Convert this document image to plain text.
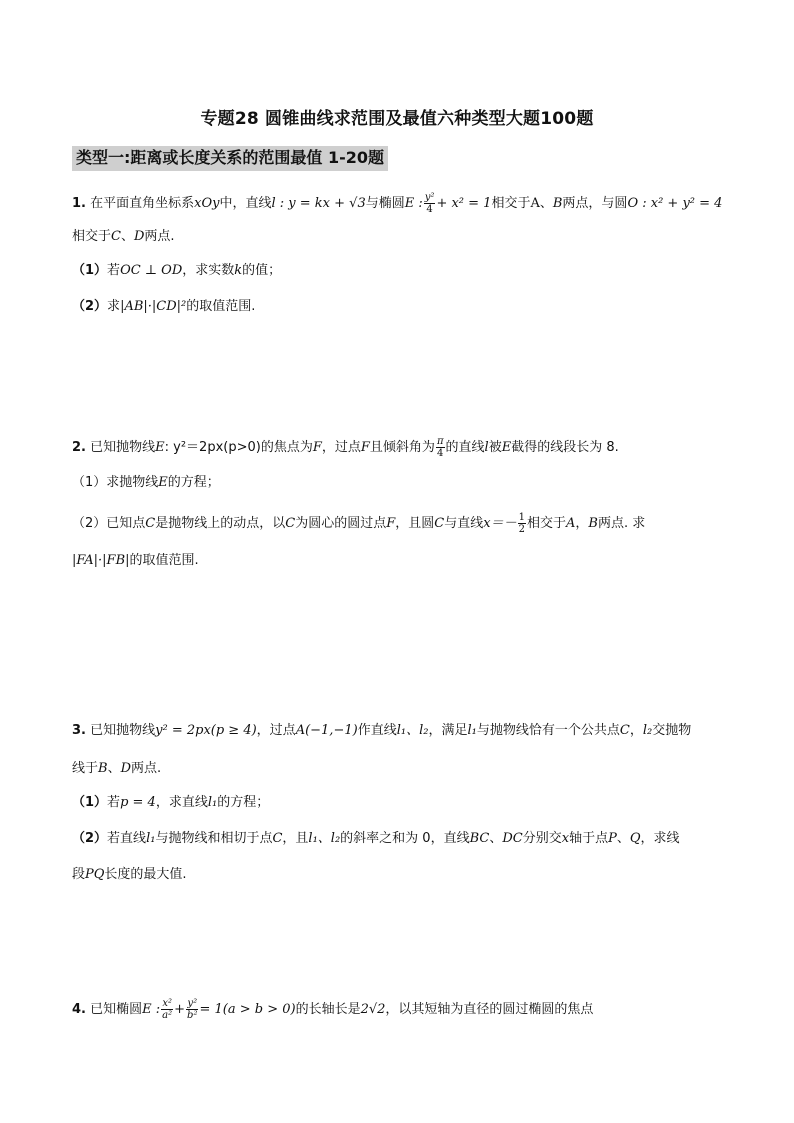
专题28 圆锥曲线求范围及最值六种类型大题100题
类型一:距离或长度关系的范围最值 1-20题
1. 在平面直角坐标系xOy中，直线l : y = kx + √3与椭圆E : $\frac{\text{y²}}{4} + x^2 = 1$相交于A、B两点，与圆O : x² + y² = 4
相交于C、D两点.
（1）若OC ⊥ OD，求实数k的值；
（2）求|AB|·|CD|²的取值范围.
2. 已知抛物线E: y²＝2px(p>0)的焦点为F，过点F且倾斜角为 $\frac{\pi}{4}$ 的直线l被E截得的线段长为 8.
（1）求抛物线E的方程；
（2）已知点C是抛物线上的动点，以C为圆心的圆过点F，且圆C与直线$x=- \frac{1}{2}$ 相交于A，B两点. 求
|FA|·|FB|的取值范围.
3. 已知抛物线y² = 2px(p ≥ 4)，过点A(−1,−1)作直线l₁、l₂，满足l₁与抛物线恰有一个公共点C，l₂交抛物
线于B、D两点.
（1）若p = 4，求直线l₁的方程；
（2）若直线l₁与抛物线和相切于点C，且l₁、l₂的斜率之和为 0，直线BC、DC分别交x轴于点P、Q，求线
段PQ长度的最大值.
4. 已知椭圆E : $\frac{\text{x²}}{\text{a²}} + \frac{\text{y²}}{\text{b²}} = 1(a > b > 0)$的长轴长是2√2，以其短轴为直径的圆过椭圆的焦点
